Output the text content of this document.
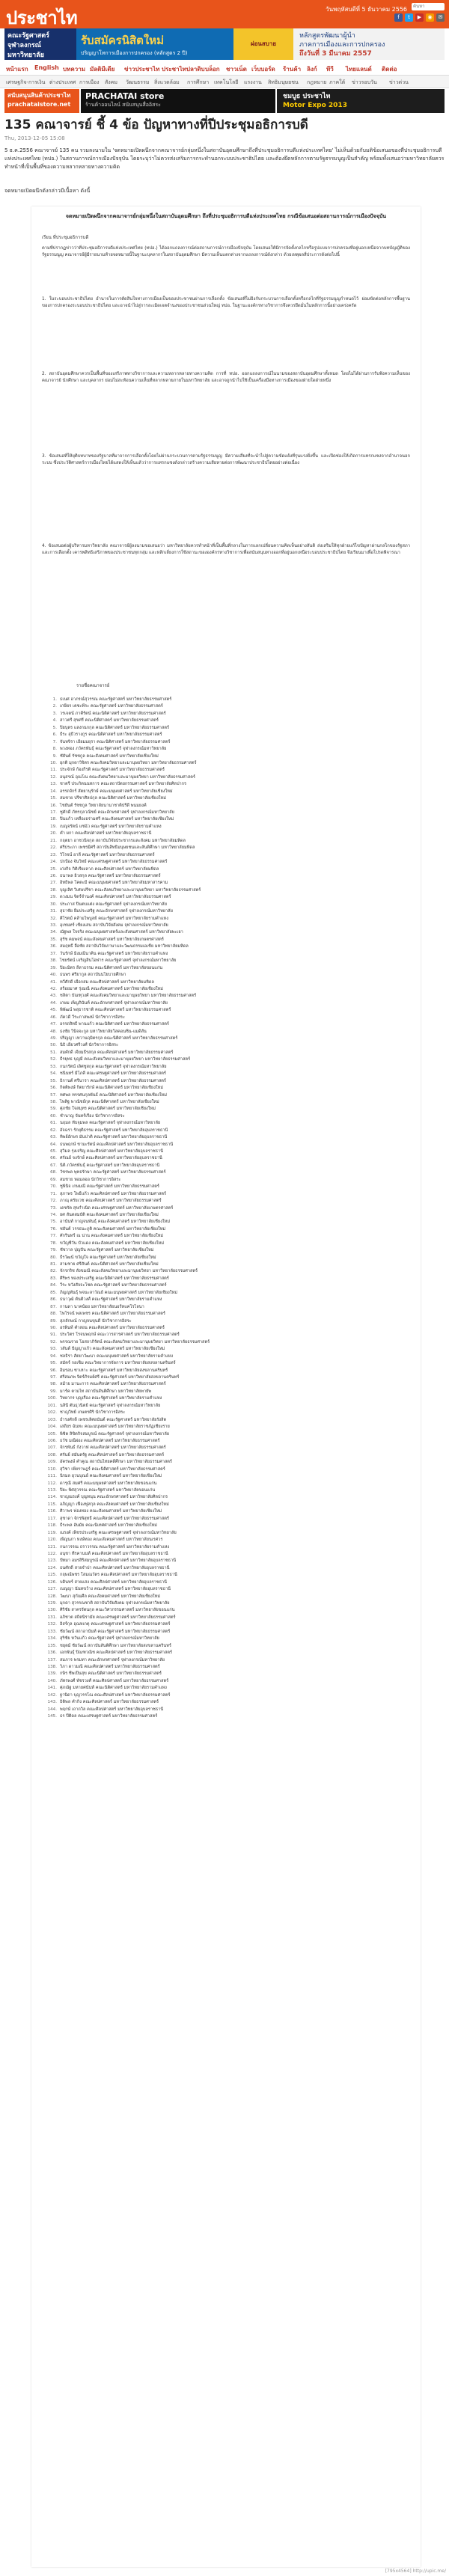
ประชาไท	วันพฤหัสบดีที่ 5 ธันวาคม 2556	ค้นหา
f	t	▶	◉	✉
คณะรัฐศาสตร์ จุฬาลงกรณ์มหาวิทยาลัย
รับสมัครนิสิตใหม่
ปริญญาโทการเมืองการปกครอง (หลักสูตร 2 ปี)
ผ่อนสบาย
หลักสูตรพัฒนาผู้นำ
ภาคการเมืองและการปกครอง
ถึงวันที่ 3 มีนาคม 2557
หน้าแรก English บทความ มัลติมีเดีย ข่าวประชาไท ประชาไทปลาดิบ บล็อก ชาวเน็ต เว็บบอร์ด ร้านค้า ลิงก์ ทีวี ไทยแลนด์ ติดต่อ
เศรษฐกิจ-การเงิน ต่างประเทศ การเมือง สังคม วัฒนธรรม สิ่งแวดล้อม การศึกษา เทคโนโลยี แรงงาน สิทธิมนุษยชน กฎหมาย ภาคใต้ ข่าวรอบวัน ข่าวด่วน
สนับสนุนสินค้าประชาไท prachataistore.net
PRACHATAI store
ร้านค้าออนไลน์ สนับสนุนสื่ออิสระ
ชมบูธ ประชาไท
Motor Expo 2013
135 คณาจารย์ ชี้ 4 ข้อ ปัญหาทางที่ปีประชุมอธิการบดี
Thu, 2013-12-05 15:08
5 ธ.ค.2556 คณาจารย์ 135 คน รวมลงนามใน 'จดหมายเปิดผนึกจากคณาจารย์กลุ่มหนึ่งในสถาบันอุดมศึกษาถึงที่ประชุมอธิการบดีแห่งประเทศไทย' ไม่เห็นด้วยกับมติข้อเสนอของที่ประชุมอธิการบดีแห่งประเทศไทย (ทปอ.) ในสถานการณ์การเมืองปัจจุบัน โดยระบุว่าไม่ควรส่งเสริมการกระทำนอกระบบประชาธิปไตย และต้องยึดหลักการตามรัฐธรรมนูญเป็นสำคัญ พร้อมทั้งเสนอว่ามหาวิทยาลัยควรทำหน้าที่เป็นพื้นที่ของความหลากหลายทางความคิด
จดหมายเปิดผนึกดังกล่าวมีเนื้อหา ดังนี้
จดหมายเปิดผนึกจากคณาจารย์กลุ่มหนึ่งในสถาบันอุดมศึกษา ถึงที่ประชุมอธิการบดีแห่งประเทศไทย กรณีข้อเสนอต่อสถานการณ์การเมืองปัจจุบัน
เรียน ที่ประชุมอธิการบดี
ตามที่ปรากฏข่าวว่าที่ประชุมอธิการบดีแห่งประเทศไทย (ทปอ.) ได้ออกแถลงการณ์ต่อสถานการณ์การเมืองปัจจุบัน โดยเสนอให้มีการจัดตั้งกลไกหรือรูปแบบการปกครองที่อยู่นอกเหนือจากบทบัญญัติของรัฐธรรมนูญ คณาจารย์ผู้มีรายนามท้ายจดหมายนี้ในฐานะบุคลากรในสถาบันอุดมศึกษา มีความเห็นแตกต่างจากแถลงการณ์ดังกล่าว ด้วยเหตุผลสี่ประการดังต่อไปนี้
1. ในระบอบประชาธิปไตย อำนาจในการตัดสินใจทางการเมืองเป็นของประชาชนผ่านการเลือกตั้ง ข้อเสนอที่ไม่อิงกับกระบวนการเลือกตั้งหรือกลไกที่รัฐธรรมนูญกำหนดไว้ ย่อมขัดต่อหลักการพื้นฐานของการปกครองระบอบประชาธิปไตย และอาจนำไปสู่การละเมิดเจตจำนงของประชาชนส่วนใหญ่ ทปอ. ในฐานะองค์กรทางวิชาการจึงควรยึดมั่นในหลักการนี้อย่างเคร่งครัด
2. สถาบันอุดมศึกษาควรเป็นพื้นที่ของเสรีภาพทางวิชาการและความหลากหลายทางความคิด การที่ ทปอ. ออกแถลงการณ์ในนามของสถาบันอุดมศึกษาทั้งหมด โดยไม่ได้ผ่านการรับฟังความเห็นของคณาจารย์ นักศึกษา และบุคลากร ย่อมไม่สะท้อนความเห็นที่หลากหลายภายในมหาวิทยาลัย และอาจถูกนำไปใช้เป็นเครื่องมือทางการเมืองของฝ่ายใดฝ่ายหนึ่ง
3. ข้อเสนอที่ให้ยุติบทบาทของรัฐบาลที่มาจากการเลือกตั้งโดยไม่ผ่านกระบวนการตามรัฐธรรมนูญ มีความเสี่ยงที่จะนำไปสู่ความขัดแย้งที่รุนแรงยิ่งขึ้น และเปิดช่องให้เกิดการแทรกแซงจากอำนาจนอกระบบ ซึ่งประวัติศาสตร์การเมืองไทยได้แสดงให้เห็นแล้วว่าการแทรกแซงดังกล่าวสร้างความเสียหายต่อการพัฒนาประชาธิปไตยอย่างต่อเนื่อง
4. ข้อเสนอต่อผู้บริหารมหาวิทยาลัย คณาจารย์ผู้ลงนามขอเสนอว่า มหาวิทยาลัยควรทำหน้าที่เป็นพื้นที่กลางในการแลกเปลี่ยนความคิดเห็นอย่างสันติ ส่งเสริมให้ทุกฝ่ายแก้ไขปัญหาผ่านกลไกของรัฐสภาและการเลือกตั้ง เคารพสิทธิเสรีภาพของประชาชนทุกกลุ่ม และหลีกเลี่ยงการใช้สถานะขององค์กรทางวิชาการเพื่อสนับสนุนทางออกที่อยู่นอกเหนือระบอบประชาธิปไตย จึงเรียนมาเพื่อโปรดพิจารณา
รายชื่อคณาจารย์
1. ธเนศ อาภรณ์สุวรรณ คณะรัฐศาสตร์ มหาวิทยาลัยธรรมศาสตร์
2. เกษียร เตชะพีระ คณะรัฐศาสตร์ มหาวิทยาลัยธรรมศาสตร์
3. วรเจตน์ ภาคีรัตน์ คณะนิติศาสตร์ มหาวิทยาลัยธรรมศาสตร์
4. สาวตรี สุขศรี คณะนิติศาสตร์ มหาวิทยาลัยธรรมศาสตร์
5. ปิยบุตร แสงกนกกุล คณะนิติศาสตร์ มหาวิทยาลัยธรรมศาสตร์
6. ธีระ สุธีวรางกูร คณะนิติศาสตร์ มหาวิทยาลัยธรรมศาสตร์
7. จันทจิรา เอี่ยมมยุรา คณะนิติศาสตร์ มหาวิทยาลัยธรรมศาสตร์
8. พวงทอง ภวัครพันธุ์ คณะรัฐศาสตร์ จุฬาลงกรณ์มหาวิทยาลัย
9. ชัยันต์ รัชชกูล คณะสังคมศาสตร์ มหาวิทยาลัยเชียงใหม่
10. ยุกติ มุกดาวิจิตร คณะสังคมวิทยาและมานุษยวิทยา มหาวิทยาลัยธรรมศาสตร์
11. ประจักษ์ ก้องกีรติ คณะรัฐศาสตร์ มหาวิทยาลัยธรรมศาสตร์
12. อนุสรณ์ อุณโณ คณะสังคมวิทยาและมานุษยวิทยา มหาวิทยาลัยธรรมศาสตร์
13. ชาตรี ประกิตนนทการ คณะสถาปัตยกรรมศาสตร์ มหาวิทยาลัยศิลปากร
14. อรรถจักร์ สัตยานุรักษ์ คณะมนุษยศาสตร์ มหาวิทยาลัยเชียงใหม่
15. สมชาย ปรีชาศิลปกุล คณะนิติศาสตร์ มหาวิทยาลัยเชียงใหม่
16. ไชยันต์ รัชชกูล วิทยาลัยนานาชาติปรีดี พนมยงค์
17. ชูศักดิ์ ภัทรกุลวณิชย์ คณะอักษรศาสตร์ จุฬาลงกรณ์มหาวิทยาลัย
18. ปิ่นแก้ว เหลืองอร่ามศรี คณะสังคมศาสตร์ มหาวิทยาลัยเชียงใหม่
19. เบญจรัตน์ แซ่ฉั่ว คณะรัฐศาสตร์ มหาวิทยาลัยรามคำแหง
20. คำ ผกา คณะศิลปศาสตร์ มหาวิทยาลัยอุบลราชธานี
21. กฤตยา อาชวนิจกุล สถาบันวิจัยประชากรและสังคม มหาวิทยาลัยมหิดล
22. ศรีประภา เพชรมีศรี สถาบันสิทธิมนุษยชนและสันติศึกษา มหาวิทยาลัยมหิดล
23. วิโรจน์ อาลี คณะรัฐศาสตร์ มหาวิทยาลัยธรรมศาสตร์
24. ปกป้อง จันวิทย์ คณะเศรษฐศาสตร์ มหาวิทยาลัยธรรมศาสตร์
25. เก่งกิจ กิติเรียงลาภ คณะศิลปศาสตร์ มหาวิทยาลัยมหิดล
26. ธนาพล อิ๋วสกุล คณะรัฐศาสตร์ มหาวิทยาลัยธรรมศาสตร์
27. อิทธิพล โคตะมี คณะมนุษยศาสตร์ มหาวิทยาลัยมหาสารคาม
28. บุญเลิศ วิเศษปรีชา คณะสังคมวิทยาและมานุษยวิทยา มหาวิทยาลัยธรรมศาสตร์
29. ดวงมน จิตร์จำนงค์ คณะศิลปศาสตร์ มหาวิทยาลัยธรรมศาสตร์
30. ประภาส ปิ่นตบแต่ง คณะรัฐศาสตร์ จุฬาลงกรณ์มหาวิทยาลัย
31. สุธาชัย ยิ้มประเสริฐ คณะอักษรศาสตร์ จุฬาลงกรณ์มหาวิทยาลัย
32. ศิโรตม์ คล้ามไพบูลย์ คณะรัฐศาสตร์ มหาวิทยาลัยรามคำแหง
33. อุเชนทร์ เชียงเสน สถาบันวิจัยสังคม จุฬาลงกรณ์มหาวิทยาลัย
34. ณัฐพล ใจจริง คณะมนุษยศาสตร์และสังคมศาสตร์ มหาวิทยาลัยพะเยา
35. สุรัช คมพจน์ คณะสังคมศาสตร์ มหาวิทยาลัยเกษตรศาสตร์
36. สมฤทธิ์ ลือชัย สถาบันวิจัยภาษาและวัฒนธรรมเอเชีย มหาวิทยาลัยมหิดล
37. วันรักษ์ มิ่งมณีนาคิน คณะรัฐศาสตร์ มหาวิทยาลัยรามคำแหง
38. ไชยรัตน์ เจริญสินโอฬาร คณะรัฐศาสตร์ จุฬาลงกรณ์มหาวิทยาลัย
39. ปิยะมิตร ลีลาธรรม คณะนิติศาสตร์ มหาวิทยาลัยขอนแก่น
40. ธนพร ศรียากูล สถาบันนโยบายศึกษา
41. ทวีศักดิ์ เผือกสม คณะศิลปศาสตร์ มหาวิทยาลัยมหิดล
42. สร้อยมาศ รุ่งมณี คณะสังคมศาสตร์ มหาวิทยาลัยเชียงใหม่
43. ชลิตา บัณฑุวงศ์ คณะสังคมวิทยาและมานุษยวิทยา มหาวิทยาลัยธรรมศาสตร์
44. เกษม เพ็ญภินันท์ คณะอักษรศาสตร์ จุฬาลงกรณ์มหาวิทยาลัย
45. พิพัฒน์ พสุธารชาติ คณะศิลปศาสตร์ มหาวิทยาลัยธรรมศาสตร์
46. ภัควดี วีระภาสพงษ์ นักวิชาการอิสระ
47. อรรถสิทธิ์ พานแก้ว คณะนิติศาสตร์ มหาวิทยาลัยธรรมศาสตร์
48. ธงชัย วินิจจะกูล มหาวิทยาลัยวิสคอนซิน-แมดิสัน
49. ปริญญา เทวานฤมิตรกุล คณะนิติศาสตร์ มหาวิทยาลัยธรรมศาสตร์
50. นิธิ เอียวศรีวงศ์ นักวิชาการอิสระ
51. สมศักดิ์ เจียมธีรสกุล คณะศิลปศาสตร์ มหาวิทยาลัยธรรมศาสตร์
52. ธีรยุทธ บุญมี คณะสังคมวิทยาและมานุษยวิทยา มหาวิทยาลัยธรรมศาสตร์
53. กนกรัตน์ เลิศชูสกุล คณะรัฐศาสตร์ จุฬาลงกรณ์มหาวิทยาลัย
54. ชนินทร์ มีโภคี คณะเศรษฐศาสตร์ มหาวิทยาลัยธรรมศาสตร์
55. ธิกานต์ ศรีนารา คณะศิลปศาสตร์ มหาวิทยาลัยธรรมศาสตร์
56. กิตติพงษ์ กิตยารักษ์ คณะนิติศาสตร์ มหาวิทยาลัยเชียงใหม่
57. ทศพล ทรรศนกุลพันธ์ คณะนิติศาสตร์ มหาวิทยาลัยเชียงใหม่
58. ไพสิฐ พาณิชย์กุล คณะนิติศาสตร์ มหาวิทยาลัยเชียงใหม่
59. ศุภชัย ใจสมุทร คณะนิติศาสตร์ มหาวิทยาลัยเชียงใหม่
60. ชำนาญ จันทร์เรือง นักวิชาการอิสระ
61. นฤมล ทับจุมพล คณะรัฐศาสตร์ จุฬาลงกรณ์มหาวิทยาลัย
62. อัจฉรา รักยุติธรรม คณะรัฐศาสตร์ มหาวิทยาลัยอุบลราชธานี
63. ทิพย์อักษร มันปาติ คณะรัฐศาสตร์ มหาวิทยาลัยอุบลราชธานี
64. ธนพฤกษ์ ชามะรัตน์ คณะศิลปศาสตร์ มหาวิทยาลัยอุบลราชธานี
65. สุวิมล รุ่งเจริญ คณะศิลปศาสตร์ มหาวิทยาลัยอุบลราชธานี
66. ศรัณย์ จงรักษ์ คณะศิลปศาสตร์ มหาวิทยาลัยอุบลราชธานี
67. นิติ ภวัครพันธุ์ คณะรัฐศาสตร์ มหาวิทยาลัยอุบลราชธานี
68. วัชรพล พุทธรักษา คณะรัฐศาสตร์ มหาวิทยาลัยธรรมศาสตร์
69. สมชาย หอมลออ นักวิชาการอิสระ
70. ชูพินิจ เกษมณี คณะรัฐศาสตร์ มหาวิทยาลัยธรรมศาสตร์
71. สุภาพร โพธิ์แก้ว คณะศิลปศาสตร์ มหาวิทยาลัยธรรมศาสตร์
72. ภาณุ ตรัยเวช คณะศิลปศาสตร์ มหาวิทยาลัยธรรมศาสตร์
73. เดชรัต สุขกำเนิด คณะเศรษฐศาสตร์ มหาวิทยาลัยเกษตรศาสตร์
74. ยศ สันตสมบัติ คณะสังคมศาสตร์ มหาวิทยาลัยเชียงใหม่
75. อานันท์ กาญจนพันธุ์ คณะสังคมศาสตร์ มหาวิทยาลัยเชียงใหม่
76. ชยันต์ วรรธนะภูติ คณะสังคมศาสตร์ มหาวิทยาลัยเชียงใหม่
77. ศักรินทร์ ณ น่าน คณะสังคมศาสตร์ มหาวิทยาลัยเชียงใหม่
78. ขวัญชีวัน บัวแดง คณะสังคมศาสตร์ มหาวิทยาลัยเชียงใหม่
79. ชัชวาล ปุญปัน คณะรัฐศาสตร์ มหาวิทยาลัยเชียงใหม่
80. ธีรวัฒน์ ขวัญใจ คณะรัฐศาสตร์ มหาวิทยาลัยเชียงใหม่
81. สามชาย ศรีสันต์ คณะนิติศาสตร์ มหาวิทยาลัยเชียงใหม่
82. จักรกริช สังขมณี คณะสังคมวิทยาและมานุษยวิทยา มหาวิทยาลัยธรรมศาสตร์
83. ศิริพร ทองประเสริฐ คณะนิติศาสตร์ มหาวิทยาลัยธรรมศาสตร์
84. วีระ หวังสัจจะโชค คณะรัฐศาสตร์ มหาวิทยาลัยธรรมศาสตร์
85. ภิญญพันธุ์ พจนะลาวัณย์ คณะมนุษยศาสตร์ มหาวิทยาลัยเชียงใหม่
86. ธนาวุฒิ ตันติวงศ์ คณะรัฐศาสตร์ มหาวิทยาลัยรามคำแหง
87. กานดา นาคน้อย มหาวิทยาลัยนอร์ทแคโรไลนา
88. ไพโรจน์ พลเพชร คณะนิติศาสตร์ มหาวิทยาลัยธรรมศาสตร์
89. สุภลักษณ์ กาญจนขุนดี นักวิชาการอิสระ
90. อรพินท์ คำสอน คณะศิลปศาสตร์ มหาวิทยาลัยธรรมศาสตร์
91. ประวิตร โรจนพฤกษ์ คณะวารสารศาสตร์ มหาวิทยาลัยธรรมศาสตร์
92. พรรณราย โอสถาภิรัตน์ คณะสังคมวิทยาและมานุษยวิทยา มหาวิทยาลัยธรรมศาสตร์
93. วสันต์ ปัญญาแก้ว คณะสังคมศาสตร์ มหาวิทยาลัยเชียงใหม่
94. ชลธิรา สัตยาวัฒนา คณะมนุษยศาสตร์ มหาวิทยาลัยรามคำแหง
95. สมัคร์ กอเซ็ม คณะวิทยาการจัดการ มหาวิทยาลัยสงขลานครินทร์
96. อิมรอน ซาเหาะ คณะรัฐศาสตร์ มหาวิทยาลัยสงขลานครินทร์
97. ศรีสมภพ จิตร์ภิรมย์ศรี คณะรัฐศาสตร์ มหาวิทยาลัยสงขลานครินทร์
98. ลม้าย มานะการ คณะศิลปศาสตร์ มหาวิทยาลัยธรรมศาสตร์
99. มาร์ค ตามไท สถาบันสันติศึกษา มหาวิทยาลัยพายัพ
100. วิทยากร บุญเรือง คณะรัฐศาสตร์ มหาวิทยาลัยรามคำแหง
101. นลินี ตันธุวนิตย์ คณะรัฐศาสตร์ จุฬาลงกรณ์มหาวิทยาลัย
102. ชาญวิทย์ เกษตรศิริ นักวิชาการอิสระ
103. ธำรงศักดิ์ เพชรเลิศอนันต์ คณะรัฐศาสตร์ มหาวิทยาลัยรังสิต
104. เสถียร ฉันทะ คณะมนุษยศาสตร์ มหาวิทยาลัยราชภัฏเชียงราย
105. พิชิต ลิขิตกิจสมบูรณ์ คณะรัฐศาสตร์ จุฬาลงกรณ์มหาวิทยาลัย
106. ธวัช มณีผ่อง คณะศิลปศาสตร์ มหาวิทยาลัยธรรมศาสตร์
107. จักรพันธ์ กังวาฬ คณะศิลปศาสตร์ มหาวิทยาลัยธรรมศาสตร์
108. ศรันย์ สมันตรัฐ คณะศิลปศาสตร์ มหาวิทยาลัยธรรมศาสตร์
109. อัครพงษ์ ค่ำคูณ สถาบันไทยคดีศึกษา มหาวิทยาลัยธรรมศาสตร์
110. สุวิชา เพียราษฎร์ คณะนิติศาสตร์ มหาวิทยาลัยธรรมศาสตร์
111. นิรมล ยุวนบุณย์ คณะสังคมศาสตร์ มหาวิทยาลัยเชียงใหม่
112. ดารุณี สมศรี คณะมนุษยศาสตร์ มหาวิทยาลัยขอนแก่น
113. ปิยะ พิศสุวรรณ คณะรัฐศาสตร์ มหาวิทยาลัยขอนแก่น
114. ชาญณรงค์ บุญหนุน คณะอักษรศาสตร์ มหาวิทยาลัยศิลปากร
115. อภิญญา เฟื่องฟูสกุล คณะสังคมศาสตร์ มหาวิทยาลัยเชียงใหม่
116. ศิวาพร ฟองทอง คณะสังคมศาสตร์ มหาวิทยาลัยเชียงใหม่
117. สุชาดา จักรพิสุทธิ์ คณะศิลปศาสตร์ มหาวิทยาลัยธรรมศาสตร์
118. ธีระพล อันมัย คณะนิเทศศาสตร์ มหาวิทยาลัยเชียงใหม่
119. ณรงค์ เพ็ชรประเสริฐ คณะเศรษฐศาสตร์ จุฬาลงกรณ์มหาวิทยาลัย
120. เพ็ญนภา หงษ์ทอง คณะสังคมศาสตร์ มหาวิทยาลัยนเรศวร
121. กนกวรรณ ธราวรรณ คณะรัฐศาสตร์ มหาวิทยาลัยรามคำแหง
122. อนุชา ทีรคานนท์ คณะศิลปศาสตร์ มหาวิทยาลัยอุบลราชธานี
123. ปัทมา อมรสิริสมบูรณ์ คณะศิลปศาสตร์ มหาวิทยาลัยอุบลราชธานี
124. ธนศักดิ์ สายจำปา คณะศิลปศาสตร์ มหาวิทยาลัยอุบลราชธานี
125. กฤษณ์พชร โสมณวัตร คณะศิลปศาสตร์ มหาวิทยาลัยอุบลราชธานี
126. บดินทร์ สายแสง คณะศิลปศาสตร์ มหาวิทยาลัยอุบลราชธานี
127. เบญญา นันทขว้าง คณะศิลปศาสตร์ มหาวิทยาลัยอุบลราชธานี
128. วัฒนา สุกัณศีล คณะสังคมศาสตร์ มหาวิทยาลัยเชียงใหม่
129. มุกดา สุวรรณชาติ สถาบันวิจัยสังคม จุฬาลงกรณ์มหาวิทยาลัย
130. ศิริชัย สาครรัตนกุล คณะวิศวกรรมศาสตร์ มหาวิทยาลัยขอนแก่น
131. อภิชาต สถิตนิรามัย คณะเศรษฐศาสตร์ มหาวิทยาลัยธรรมศาสตร์
132. อิสร์กุล อุณหเกตุ คณะเศรษฐศาสตร์ มหาวิทยาลัยธรรมศาสตร์
133. ชัยวัฒน์ สถาอานันท์ คณะรัฐศาสตร์ มหาวิทยาลัยธรรมศาสตร์
134. สุริชัย หวันแก้ว คณะรัฐศาสตร์ จุฬาลงกรณ์มหาวิทยาลัย
135. ชยุตม์ ชัยวัฒน์ สถาบันสันติศึกษา มหาวิทยาลัยสงขลานครินทร์
136. เอกพันธุ์ ปิณฑวณิช คณะศิลปศาสตร์ มหาวิทยาลัยธรรมศาสตร์
137. สมภาร พรมทา คณะอักษรศาสตร์ จุฬาลงกรณ์มหาวิทยาลัย
138. วิภา ดาวมณี คณะศิลปศาสตร์ มหาวิทยาลัยธรรมศาสตร์
139. กษิร ชีพเป็นสุข คณะนิติศาสตร์ มหาวิทยาลัยธรรมศาสตร์
140. ภัทรพงศ์ พัชรวงศ์ คณะศิลปศาสตร์ มหาวิทยาลัยธรรมศาสตร์
141. ศุภณัฐ มหายศนันท์ คณะนิติศาสตร์ มหาวิทยาลัยรามคำแหง
142. ฐานิดา บุญวรรโณ คณะศิลปศาสตร์ มหาวิทยาลัยธรรมศาสตร์
143. ธิติพล คำกิ่ง คณะศิลปศาสตร์ มหาวิทยาลัยธรรมศาสตร์
144. พฤกษ์ เถาถวิล คณะศิลปศาสตร์ มหาวิทยาลัยอุบลราชธานี
145. ธร ปีติดล คณะเศรษฐศาสตร์ มหาวิทยาลัยธรรมศาสตร์
[795x4564] http://upic.me/
